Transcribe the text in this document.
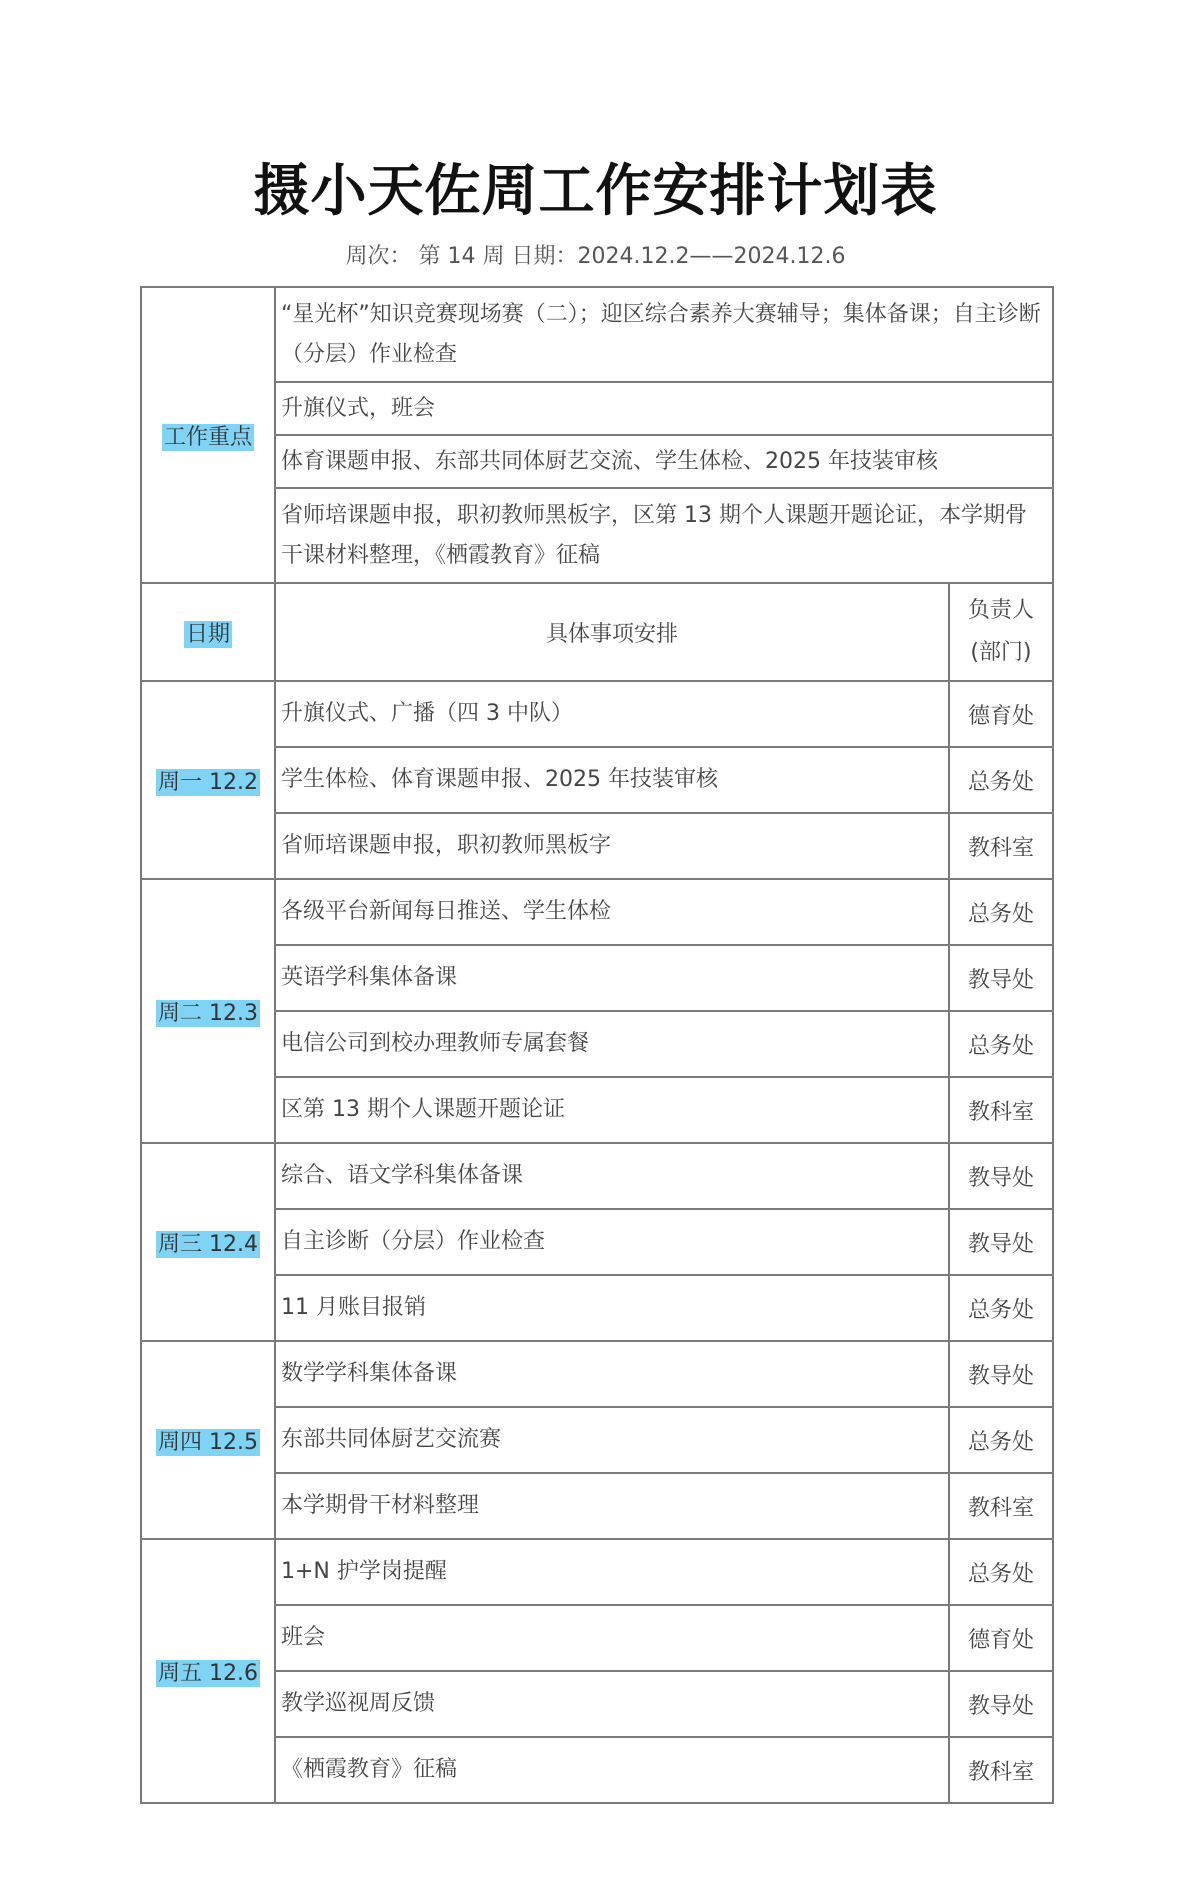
摄小天佐周工作安排计划表
周次： 第 14 周 日期：2024.12.2——2024.12.6
工作重点	“星光杯”知识竞赛现场赛（二）；迎区综合素养大赛辅导；集体备课；自主诊断（分层）作业检查	
	升旗仪式，班会	
	体育课题申报、东部共同体厨艺交流、学生体检、2025 年技装审核	
	省师培课题申报，职初教师黑板字，区第 13 期个人课题开题论证，本学期骨干课材料整理，《栖霞教育》征稿	
日期	具体事项安排	负责人
(部门)

周一 12.2	升旗仪式、广播（四 3 中队）	德育处
	学生体检、体育课题申报、2025 年技装审核	总务处
	省师培课题申报，职初教师黑板字	教科室
周二 12.3	各级平台新闻每日推送、学生体检	总务处
	英语学科集体备课	教导处
	电信公司到校办理教师专属套餐	总务处
	区第 13 期个人课题开题论证	教科室
周三 12.4	综合、语文学科集体备课	教导处
	自主诊断（分层）作业检查	教导处
	11 月账目报销	总务处
周四 12.5	数学学科集体备课	教导处
	东部共同体厨艺交流赛	总务处
	本学期骨干材料整理	教科室
周五 12.6	1+N 护学岗提醒	总务处
	班会	德育处
	教学巡视周反馈	教导处
	《栖霞教育》征稿	教科室
